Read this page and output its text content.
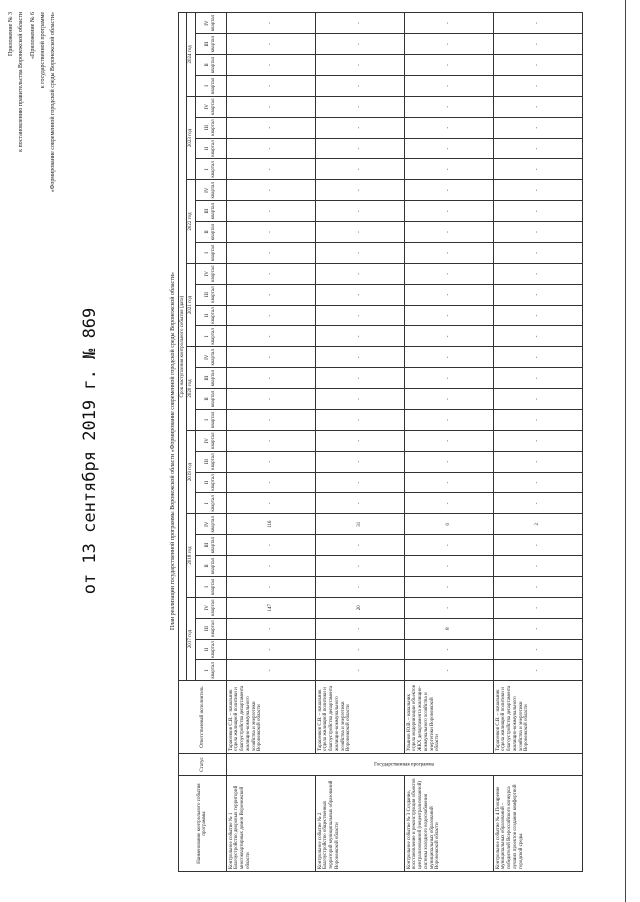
Приложение № 3 к постановлению правительства Воронежской области «Приложение № 6 к государственной программе «Формирование современной городской среды Воронежской области»
от 13 сентября 2019 г. № 869	План реализации государственной программы Воронежской области «Формирование современной городской среды Воронежской области»
Наименование контрольного события программы	Статус	Ответственный исполнитель	Срок наступления контрольного события (дата)																															
			2017 год				2018 год				2019 год				2020 год				2021 год				2022 год				2023 год				2024 год			
			I квартал	II квартал	III квартал	IV квартал	I квартал	II квартал	III квартал	IV квартал	I квартал	II квартал	III квартал	IV квартал	I квартал	II квартал	III квартал	IV квартал	I квартал	II квартал	III квартал	IV квартал	I квартал	II квартал	III квартал	IV квартал	I квартал	II квартал	III квартал	IV квартал	I квартал	II квартал	III квартал	IV квартал
Контрольное событие № 1 Благоустройство дворовых территорий многоквартирных домов Воронежской области	Государственная программа	Тарасенков С.В. – начальник отдела жилищной политики и благоустройства департамента жилищно-коммунального хозяйства и энергетики Воронежской области	-	-	-	147	-	-	-	116	-	-	-	-	-	-	-	-	-	-	-	-	-	-	-	-	-	-	-	-	-	-	-	-
Контрольное событие № 2 Благоустройство общественных территорий муниципальных образований Воронежской области		Тарасенков С.В. – начальник отдела жилищной политики и благоустройства департамента жилищно-коммунального хозяйства и энергетики Воронежской области	-	-	-	20	-	-	-	31	-	-	-	-	-	-	-	-	-	-	-	-	-	-	-	-	-	-	-	-	-	-	-	-
Контрольное событие № 3 Создание, восстановление и реконструкция объектов централизованной (нецентрализованной) системы холодного водоснабжения муниципальных образований Воронежской области		Ульянов Ю.В. – начальник отдела модернизации объектов ЖКХ департамента жилищно-коммунального хозяйства и энергетики Воронежской области	-	-	8	-	-	-	-	0	-	-	-	-	-	-	-	-	-	-	-	-	-	-	-	-	-	-	-	-	-	-	-	-
Контрольное событие № 4 Поощрение муниципальных образований – победителей Всероссийского конкурса лучших проектов создания комфортной городской среды		Тарасенков С.В. – начальник отдела жилищной политики и благоустройства департамента жилищно-коммунального хозяйства и энергетики Воронежской области	-	-	-	-	-	-	-	2	-	-	-	-	-	-	-	-	-	-	-	-	-	-	-	-	-	-	-	-	-	-	-	-
